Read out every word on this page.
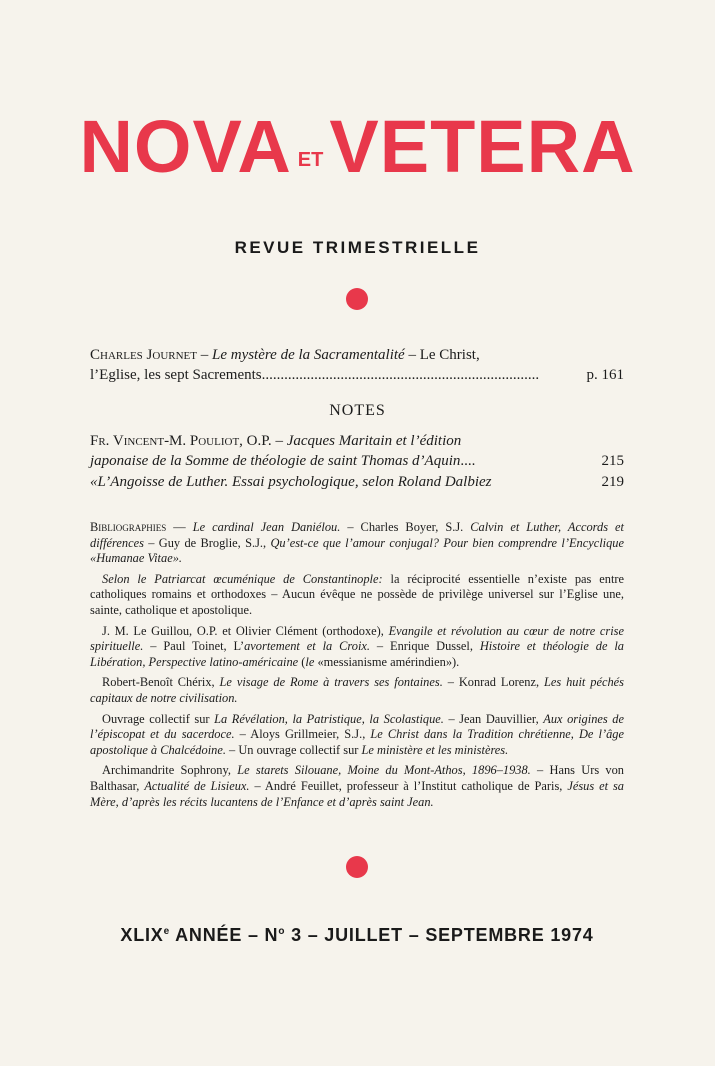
NOVA ETVETERA
REVUE TRIMESTRIELLE
Charles Journet – Le mystère de la Sacramentalité – Le Christ,
l’Eglise, les sept Sacrements ..........................................................................	p. 161
NOTES
Fr. Vincent-M. Pouliot, O.P. – Jacques Maritain et l’édition
japonaise de la Somme de théologie de saint Thomas d’Aquin ....	215
«L’Angoisse de Luther. Essai psychologique, selon Roland Dalbiez	219

Bibliographies — Le cardinal Jean Daniélou. – Charles Boyer, S.J. Calvin et Luther, Accords et différences – Guy de Broglie, S.J., Qu’est-ce que l’amour conjugal? Pour bien comprendre l’Encyclique «Humanae Vitae».

Selon le Patriarcat œcuménique de Constantinople: la réciprocité essentielle n’existe pas entre catholiques romains et orthodoxes – Aucun évêque ne possède de privilège universel sur l’Eglise une, sainte, catholique et apostolique.

J. M. Le Guillou, O.P. et Olivier Clément (orthodoxe), Evangile et révolution au cœur de notre crise spirituelle. – Paul Toinet, L’avortement et la Croix. – Enrique Dussel, Histoire et théologie de la Libération, Perspective latino-américaine (le «messianisme amérindien»).

Robert-Benoît Chérix, Le visage de Rome à travers ses fontaines. – Konrad Lorenz, Les huit péchés capitaux de notre civilisation.

Ouvrage collectif sur La Révélation, la Patristique, la Scolastique. – Jean Dauvillier, Aux origines de l’épiscopat et du sacerdoce. – Aloys Grillmeier, S.J., Le Christ dans la Tradition chrétienne, De l’âge apostolique à Chalcédoine. – Un ouvrage collectif sur Le ministère et les ministères.

Archimandrite Sophrony, Le starets Silouane, Moine du Mont-Athos, 1896–1938. – Hans Urs von Balthasar, Actualité de Lisieux. – André Feuillet, professeur à l’Institut catholique de Paris, Jésus et sa Mère, d’après les récits lucantens de l’Enfance et d’après saint Jean.

XLIXe ANNÉE – $N^o$ 3 – JUILLET – SEPTEMBRE 1974
